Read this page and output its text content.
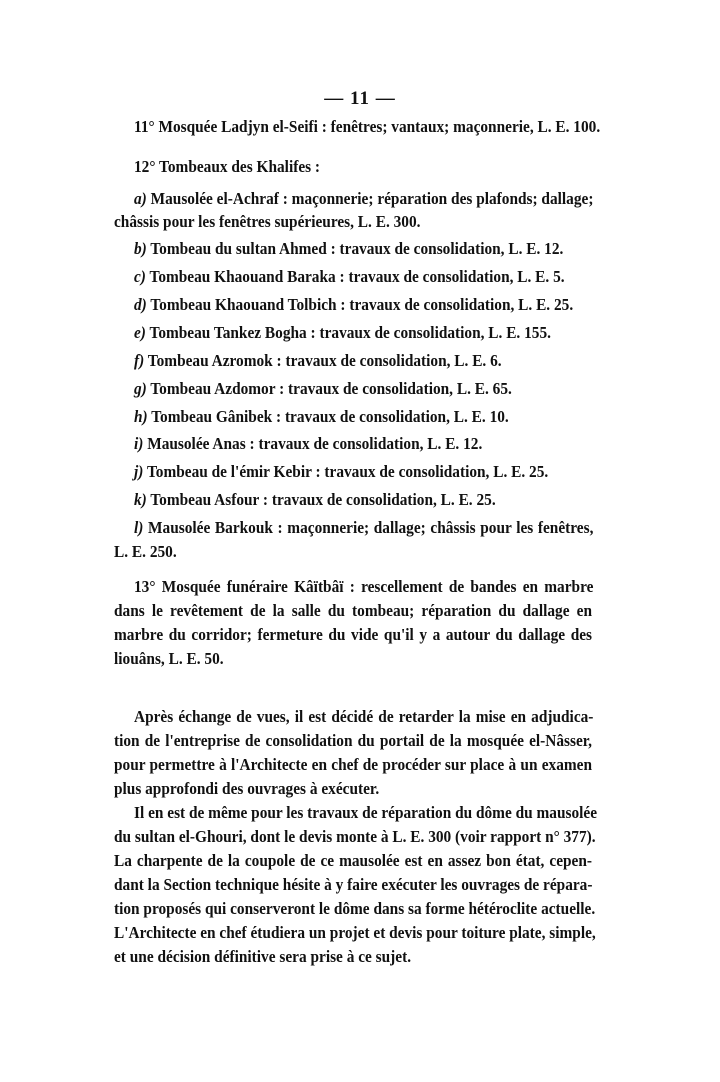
— 11 —
11° Mosquée Ladjyn el-Seifi : fenêtres; vantaux; maçonnerie, L. E. 100.
12° Tombeaux des Khalifes :
a) Mausolée el-Achraf : maçonnerie; réparation des plafonds; dallage;
châssis pour les fenêtres supérieures, L. E. 300.
b) Tombeau du sultan Ahmed : travaux de consolidation, L. E. 12.
c) Tombeau Khaouand Baraka : travaux de consolidation, L. E. 5.
d) Tombeau Khaouand Tolbich : travaux de consolidation, L. E. 25.
e) Tombeau Tankez Bogha : travaux de consolidation, L. E. 155.
f) Tombeau Azromok : travaux de consolidation, L. E. 6.
g) Tombeau Azdomor : travaux de consolidation, L. E. 65.
h) Tombeau Gânibek : travaux de consolidation, L. E. 10.
i) Mausolée Anas : travaux de consolidation, L. E. 12.
j) Tombeau de l'émir Kebir : travaux de consolidation, L. E. 25.
k) Tombeau Asfour : travaux de consolidation, L. E. 25.
l) Mausolée Barkouk : maçonnerie; dallage; châssis pour les fenêtres,
L. E. 250.
13° Mosquée funéraire Kâïtbâï : rescellement de bandes en marbre
dans le revêtement de la salle du tombeau; réparation du dallage en
marbre du corridor; fermeture du vide qu'il y a autour du dallage des
liouâns, L. E. 50.
Après échange de vues, il est décidé de retarder la mise en adjudica-
tion de l'entreprise de consolidation du portail de la mosquée el-Nâsser,
pour permettre à l'Architecte en chef de procéder sur place à un examen
plus approfondi des ouvrages à exécuter.
Il en est de même pour les travaux de réparation du dôme du mausolée
du sultan el-Ghouri, dont le devis monte à L. E. 300 (voir rapport n° 377).
La charpente de la coupole de ce mausolée est en assez bon état, cepen-
dant la Section technique hésite à y faire exécuter les ouvrages de répara-
tion proposés qui conserveront le dôme dans sa forme hétéroclite actuelle.
L'Architecte en chef étudiera un projet et devis pour toiture plate, simple,
et une décision définitive sera prise à ce sujet.
